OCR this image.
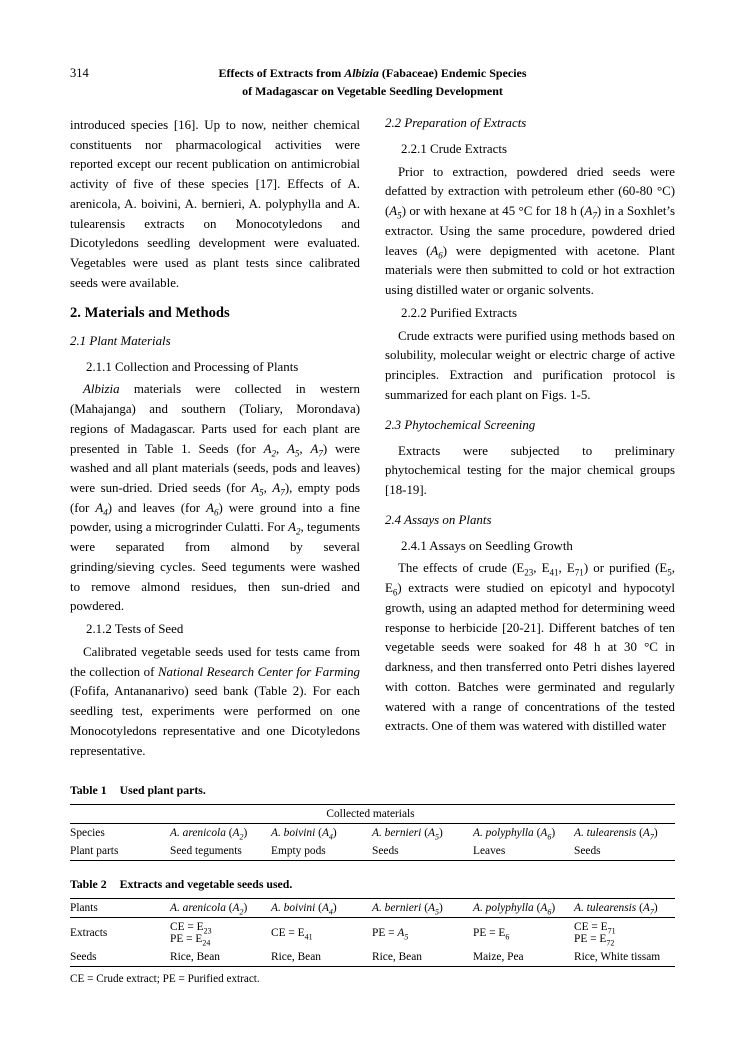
314	Effects of Extracts from Albizia (Fabaceae) Endemic Species
of Madagascar on Vegetable Seedling Development

introduced species [16]. Up to now, neither chemical constituents nor pharmacological activities were reported except our recent publication on antimicrobial activity of five of these species [17]. Effects of A. arenicola, A. boivini, A. bernieri, A. polyphylla and A. tulearensis extracts on Monocotyledons and Dicotyledons seedling development were evaluated. Vegetables were used as plant tests since calibrated seeds were available.

2. Materials and Methods
2.1 Plant Materials
2.1.1 Collection and Processing of Plants

Albizia materials were collected in western (Mahajanga) and southern (Toliary, Morondava) regions of Madagascar. Parts used for each plant are presented in Table 1. Seeds (for $A_2$, $A_5$, $A_7$) were washed and all plant materials (seeds, pods and leaves) were sun-dried. Dried seeds (for $A_5$, $A_7$), empty pods (for $A_4$) and leaves (for $A_6$) were ground into a fine powder, using a microgrinder Culatti. For $A_2$, teguments were separated from almond by several grinding/sieving cycles. Seed teguments were washed to remove almond residues, then sun-dried and powdered.

2.1.2 Tests of Seed

Calibrated vegetable seeds used for tests came from the collection of National Research Center for Farming (Fofifa, Antananarivo) seed bank (Table 2). For each seedling test, experiments were performed on one Monocotyledons representative and one Dicotyledons representative.

2.2 Preparation of Extracts
2.2.1 Crude Extracts

Prior to extraction, powdered dried seeds were defatted by extraction with petroleum ether (60-80 °C) $(A_5)$ or with hexane at 45 °C for 18 h $(A_7)$ in a Soxhlet’s extractor. Using the same procedure, powdered dried leaves $(A_6)$ were depigmented with acetone. Plant materials were then submitted to cold or hot extraction using distilled water or organic solvents.

2.2.2 Purified Extracts

Crude extracts were purified using methods based on solubility, molecular weight or electric charge of active principles. Extraction and purification protocol is summarized for each plant on Figs. 1-5.

2.3 Phytochemical Screening

Extracts were subjected to preliminary phytochemical testing for the major chemical groups [18-19].

2.4 Assays on Plants
2.4.1 Assays on Seedling Growth

The effects of crude ($E_{23}$, $E_{41}$, $E_{71}$) or purified ($E_5$, $E_6$) extracts were studied on epicotyl and hypocotyl growth, using an adapted method for determining weed response to herbicide [20-21]. Different batches of ten vegetable seeds were soaked for 48 h at 30 °C in darkness, and then transferred onto Petri dishes layered with cotton. Batches were germinated and regularly watered with a range of concentrations of the tested extracts. One of them was watered with distilled water

Table 1 Used plant parts.
Collected materials					
Species	A. arenicola $(A_2)$	A. boivini $(A_4)$	A. bernieri $(A_5)$	A. polyphylla $(A_6)$	A. tulearensis $(A_7)$
Plant parts	Seed teguments	Empty pods	Seeds	Leaves	Seeds
Table 2 Extracts and vegetable seeds used.
Plants	A. arenicola $(A_2)$	A. boivini $(A_4)$	A. bernieri $(A_5)$	A. polyphylla $(A_6)$	A. tulearensis $(A_7)$
Extracts	CE = $E_{23}$
PE = $E_{24}$	CE = $E_{41}$	PE = $A_5$	PE = $E_6$	CE = $E_{71}$
PE = $E_{72}$
Seeds	Rice, Bean	Rice, Bean	Rice, Bean	Maize, Pea	Rice, White tissam
CE = Crude extract; PE = Purified extract.
